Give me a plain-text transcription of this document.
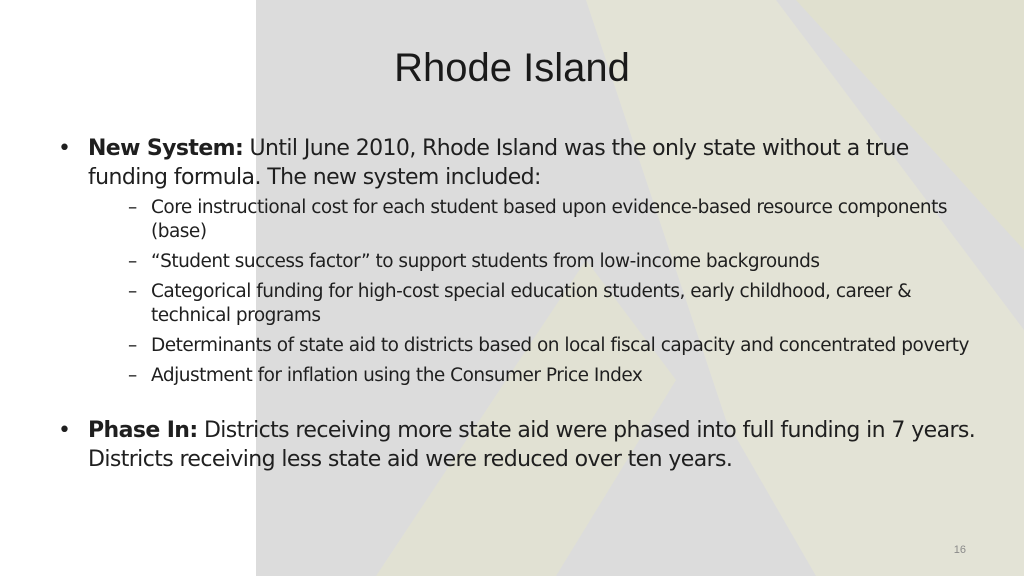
Rhode Island
• New System: Until June 2010, Rhode Island was the only state without a true funding formula. The new system included:
– Core instructional cost for each student based upon evidence-based resource components (base)
– “Student success factor” to support students from low-income backgrounds
– Categorical funding for high-cost special education students, early childhood, career & technical programs
– Determinants of state aid to districts based on local fiscal capacity and concentrated poverty
– Adjustment for inflation using the Consumer Price Index
• Phase In: Districts receiving more state aid were phased into full funding in 7 years. Districts receiving less state aid were reduced over ten years.
16
